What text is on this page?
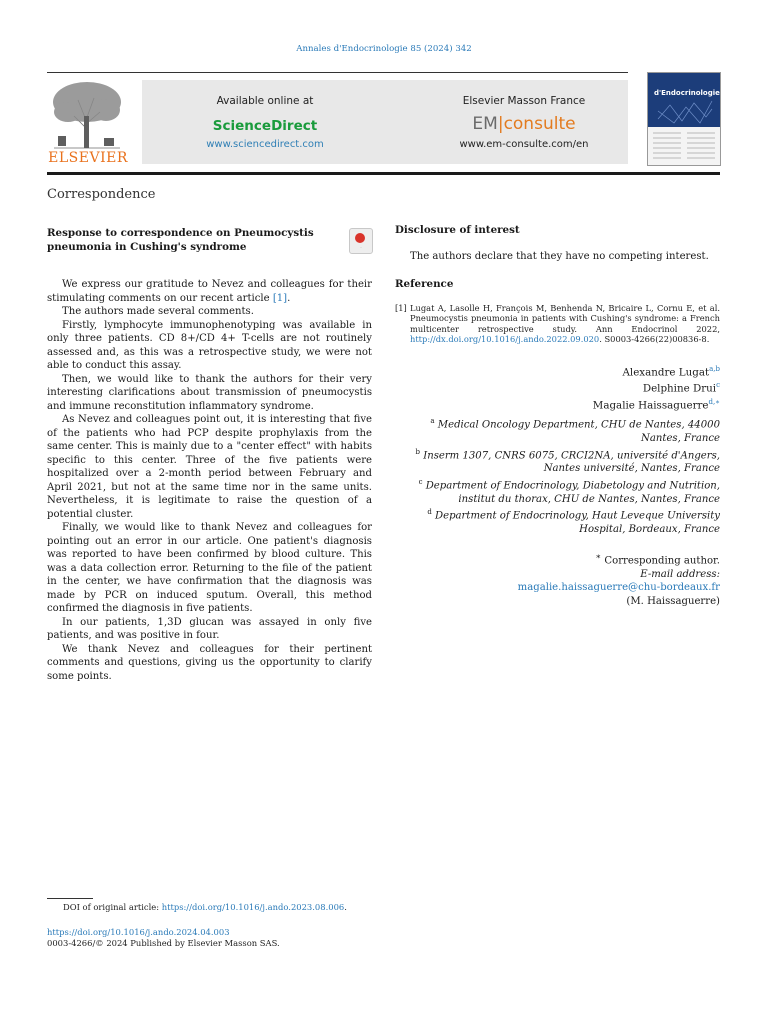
Annales d'Endocrinologie 85 (2024) 342
ELSEVIER
Available online at
ScienceDirect
www.sciencedirect.com
Elsevier Masson France
EM|consulte
www.em-consulte.com/en
d'Endocrinologie
Correspondence
Response to correspondence on Pneumocystis pneumonia in Cushing's syndrome	·

We express our gratitude to Nevez and colleagues for their stimulating comments on our recent article [1].

The authors made several comments.

Firstly, lymphocyte immunophenotyping was available in only three patients. CD 8+/CD 4+ T-cells are not routinely assessed and, as this was a retrospective study, we were not able to conduct this assay.

Then, we would like to thank the authors for their very interesting clarifications about transmission of pneumocystis and immune reconstitution inflammatory syndrome.

As Nevez and colleagues point out, it is interesting that five of the patients who had PCP despite prophylaxis from the same center. This is mainly due to a "center effect" with habits specific to this center. Three of the five patients were hospitalized over a 2-month period between February and April 2021, but not at the same time nor in the same units. Nevertheless, it is legitimate to raise the question of a potential cluster.

Finally, we would like to thank Nevez and colleagues for pointing out an error in our article. One patient's diagnosis was reported to have been confirmed by blood culture. This was a data collection error. Returning to the file of the patient in the center, we have confirmation that the diagnosis was made by PCR on induced sputum. Overall, this method confirmed the diagnosis in five patients.

In our patients, 1,3D glucan was assayed in only five patients, and was positive in four.

We thank Nevez and colleagues for their pertinent comments and questions, giving us the opportunity to clarify some points.

Disclosure of interest

The authors declare that they have no competing interest.

Reference
[1] Lugat A, Lasolle H, François M, Benhenda N, Bricaire L, Cornu E, et al. Pneumocystis pneumonia in patients with Cushing's syndrome: a French multicenter retrospective study. Ann Endocrinol 2022, http://dx.doi.org/10.1016/j.ando.2022.09.020. S0003-4266(22)00836-8.
Alexandre Lugat$^{a,b}$
Delphine Drui$^c$
Magalie Haissaguerre$^{d,∗}$

$^a$ Medical Oncology Department, CHU de Nantes, 44000 Nantes, France

$^b$ Inserm 1307, CNRS 6075, CRCI2NA, université d'Angers, Nantes université, Nantes, France

$^c$ Department of Endocrinology, Diabetology and Nutrition, institut du thorax, CHU de Nantes, Nantes, France

$^d$ Department of Endocrinology, Haut Leveque University Hospital, Bordeaux, France

∗ Corresponding author.
E-mail address:
magalie.haissaguerre@chu-bordeaux.fr
(M. Haissaguerre)
DOI of original article: https://doi.org/10.1016/j.ando.2023.08.006.
https://doi.org/10.1016/j.ando.2024.04.003
0003-4266/© 2024 Published by Elsevier Masson SAS.
